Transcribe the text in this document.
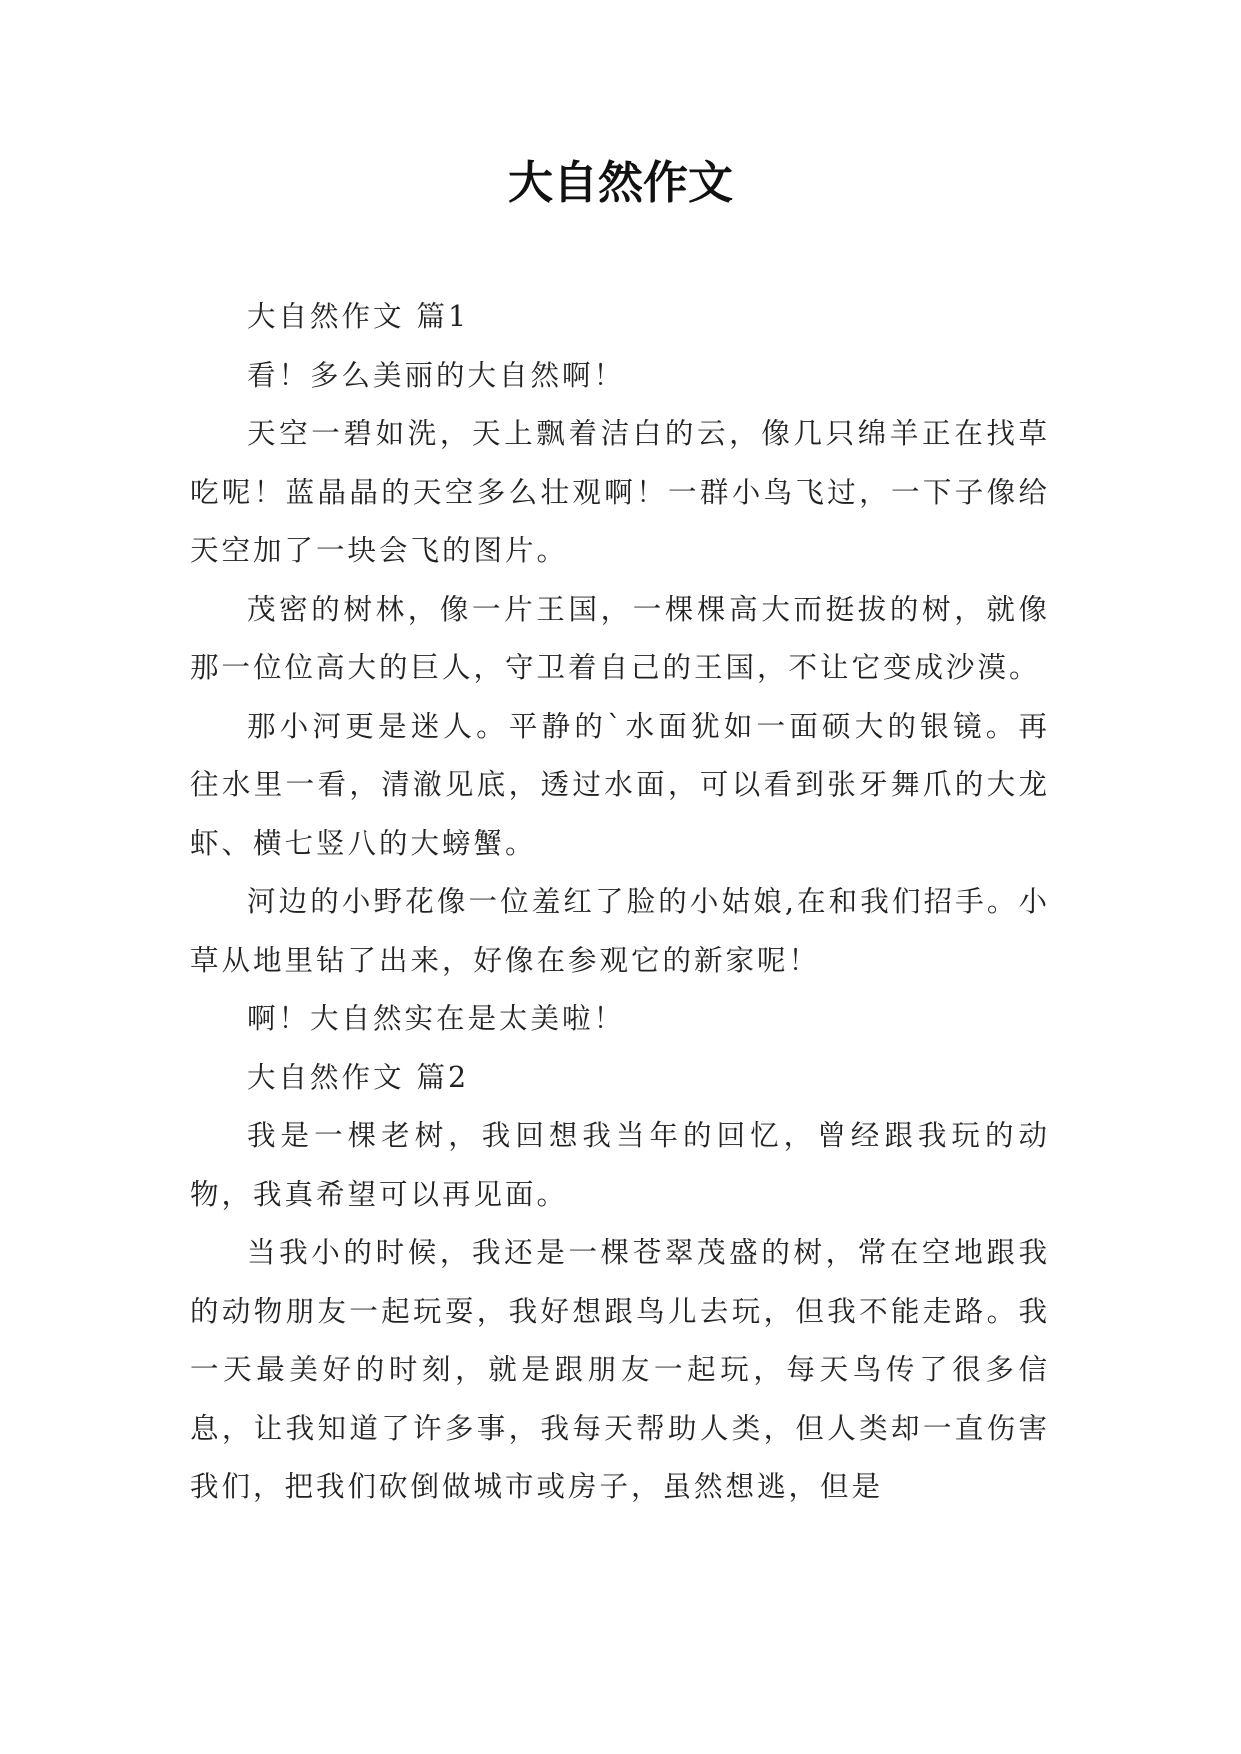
大自然作文

大自然作文 篇1

看！多么美丽的大自然啊！

天空一碧如洗，天上飘着洁白的云，像几只绵羊正在找草吃呢！蓝晶晶的天空多么壮观啊！一群小鸟飞过，一下子像给天空加了一块会飞的图片。

茂密的树林，像一片王国，一棵棵高大而挺拔的树，就像那一位位高大的巨人，守卫着自己的王国，不让它变成沙漠。

那小河更是迷人。平静的`水面犹如一面硕大的银镜。再往水里一看，清澈见底，透过水面，可以看到张牙舞爪的大龙虾、横七竖八的大螃蟹。

河边的小野花像一位羞红了脸的小姑娘,在和我们招手。小草从地里钻了出来，好像在参观它的新家呢！

啊！大自然实在是太美啦！

大自然作文 篇2

我是一棵老树，我回想我当年的回忆，曾经跟我玩的动物，我真希望可以再见面。

当我小的时候，我还是一棵苍翠茂盛的树，常在空地跟我的动物朋友一起玩耍，我好想跟鸟儿去玩，但我不能走路。我一天最美好的时刻，就是跟朋友一起玩，每天鸟传了很多信息，让我知道了许多事，我每天帮助人类，但人类却一直伤害我们，把我们砍倒做城市或房子，虽然想逃，但是
